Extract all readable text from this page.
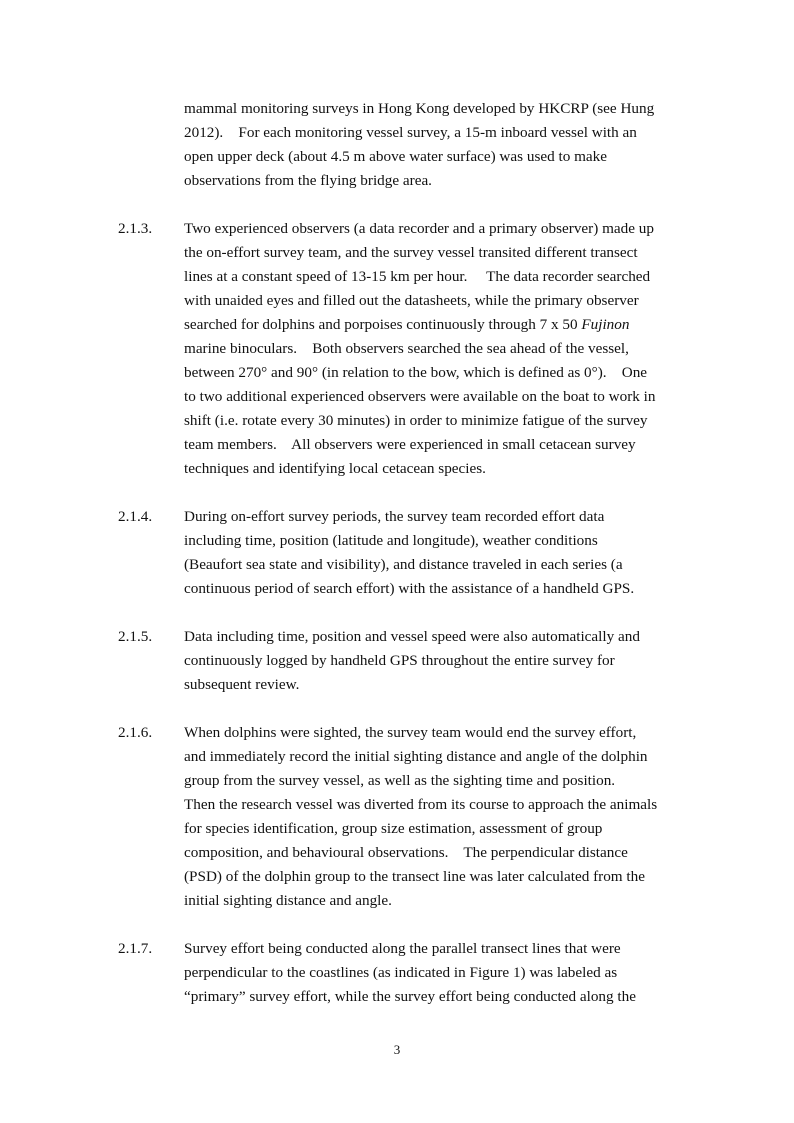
mammal monitoring surveys in Hong Kong developed by HKCRP (see Hung
2012).    For each monitoring vessel survey, a 15-m inboard vessel with an
open upper deck (about 4.5 m above water surface) was used to make
observations from the flying bridge area.
2.1.3.	Two experienced observers (a data recorder and a primary observer) made up
the on-effort survey team, and the survey vessel transited different transect
lines at a constant speed of 13-15 km per hour.     The data recorder searched
with unaided eyes and filled out the datasheets, while the primary observer
searched for dolphins and porpoises continuously through 7 x 50 Fujinon
marine binoculars.    Both observers searched the sea ahead of the vessel,
between 270° and 90° (in relation to the bow, which is defined as 0°).    One
to two additional experienced observers were available on the boat to work in
shift (i.e. rotate every 30 minutes) in order to minimize fatigue of the survey
team members.    All observers were experienced in small cetacean survey
techniques and identifying local cetacean species.
2.1.4.	During on-effort survey periods, the survey team recorded effort data
including time, position (latitude and longitude), weather conditions
(Beaufort sea state and visibility), and distance traveled in each series (a
continuous period of search effort) with the assistance of a handheld GPS.
2.1.5.	Data including time, position and vessel speed were also automatically and
continuously logged by handheld GPS throughout the entire survey for
subsequent review.
2.1.6.	When dolphins were sighted, the survey team would end the survey effort,
and immediately record the initial sighting distance and angle of the dolphin
group from the survey vessel, as well as the sighting time and position.
Then the research vessel was diverted from its course to approach the animals
for species identification, group size estimation, assessment of group
composition, and behavioural observations.    The perpendicular distance
(PSD) of the dolphin group to the transect line was later calculated from the
initial sighting distance and angle.
2.1.7.	Survey effort being conducted along the parallel transect lines that were
perpendicular to the coastlines (as indicated in Figure 1) was labeled as
“primary” survey effort, while the survey effort being conducted along the
3
